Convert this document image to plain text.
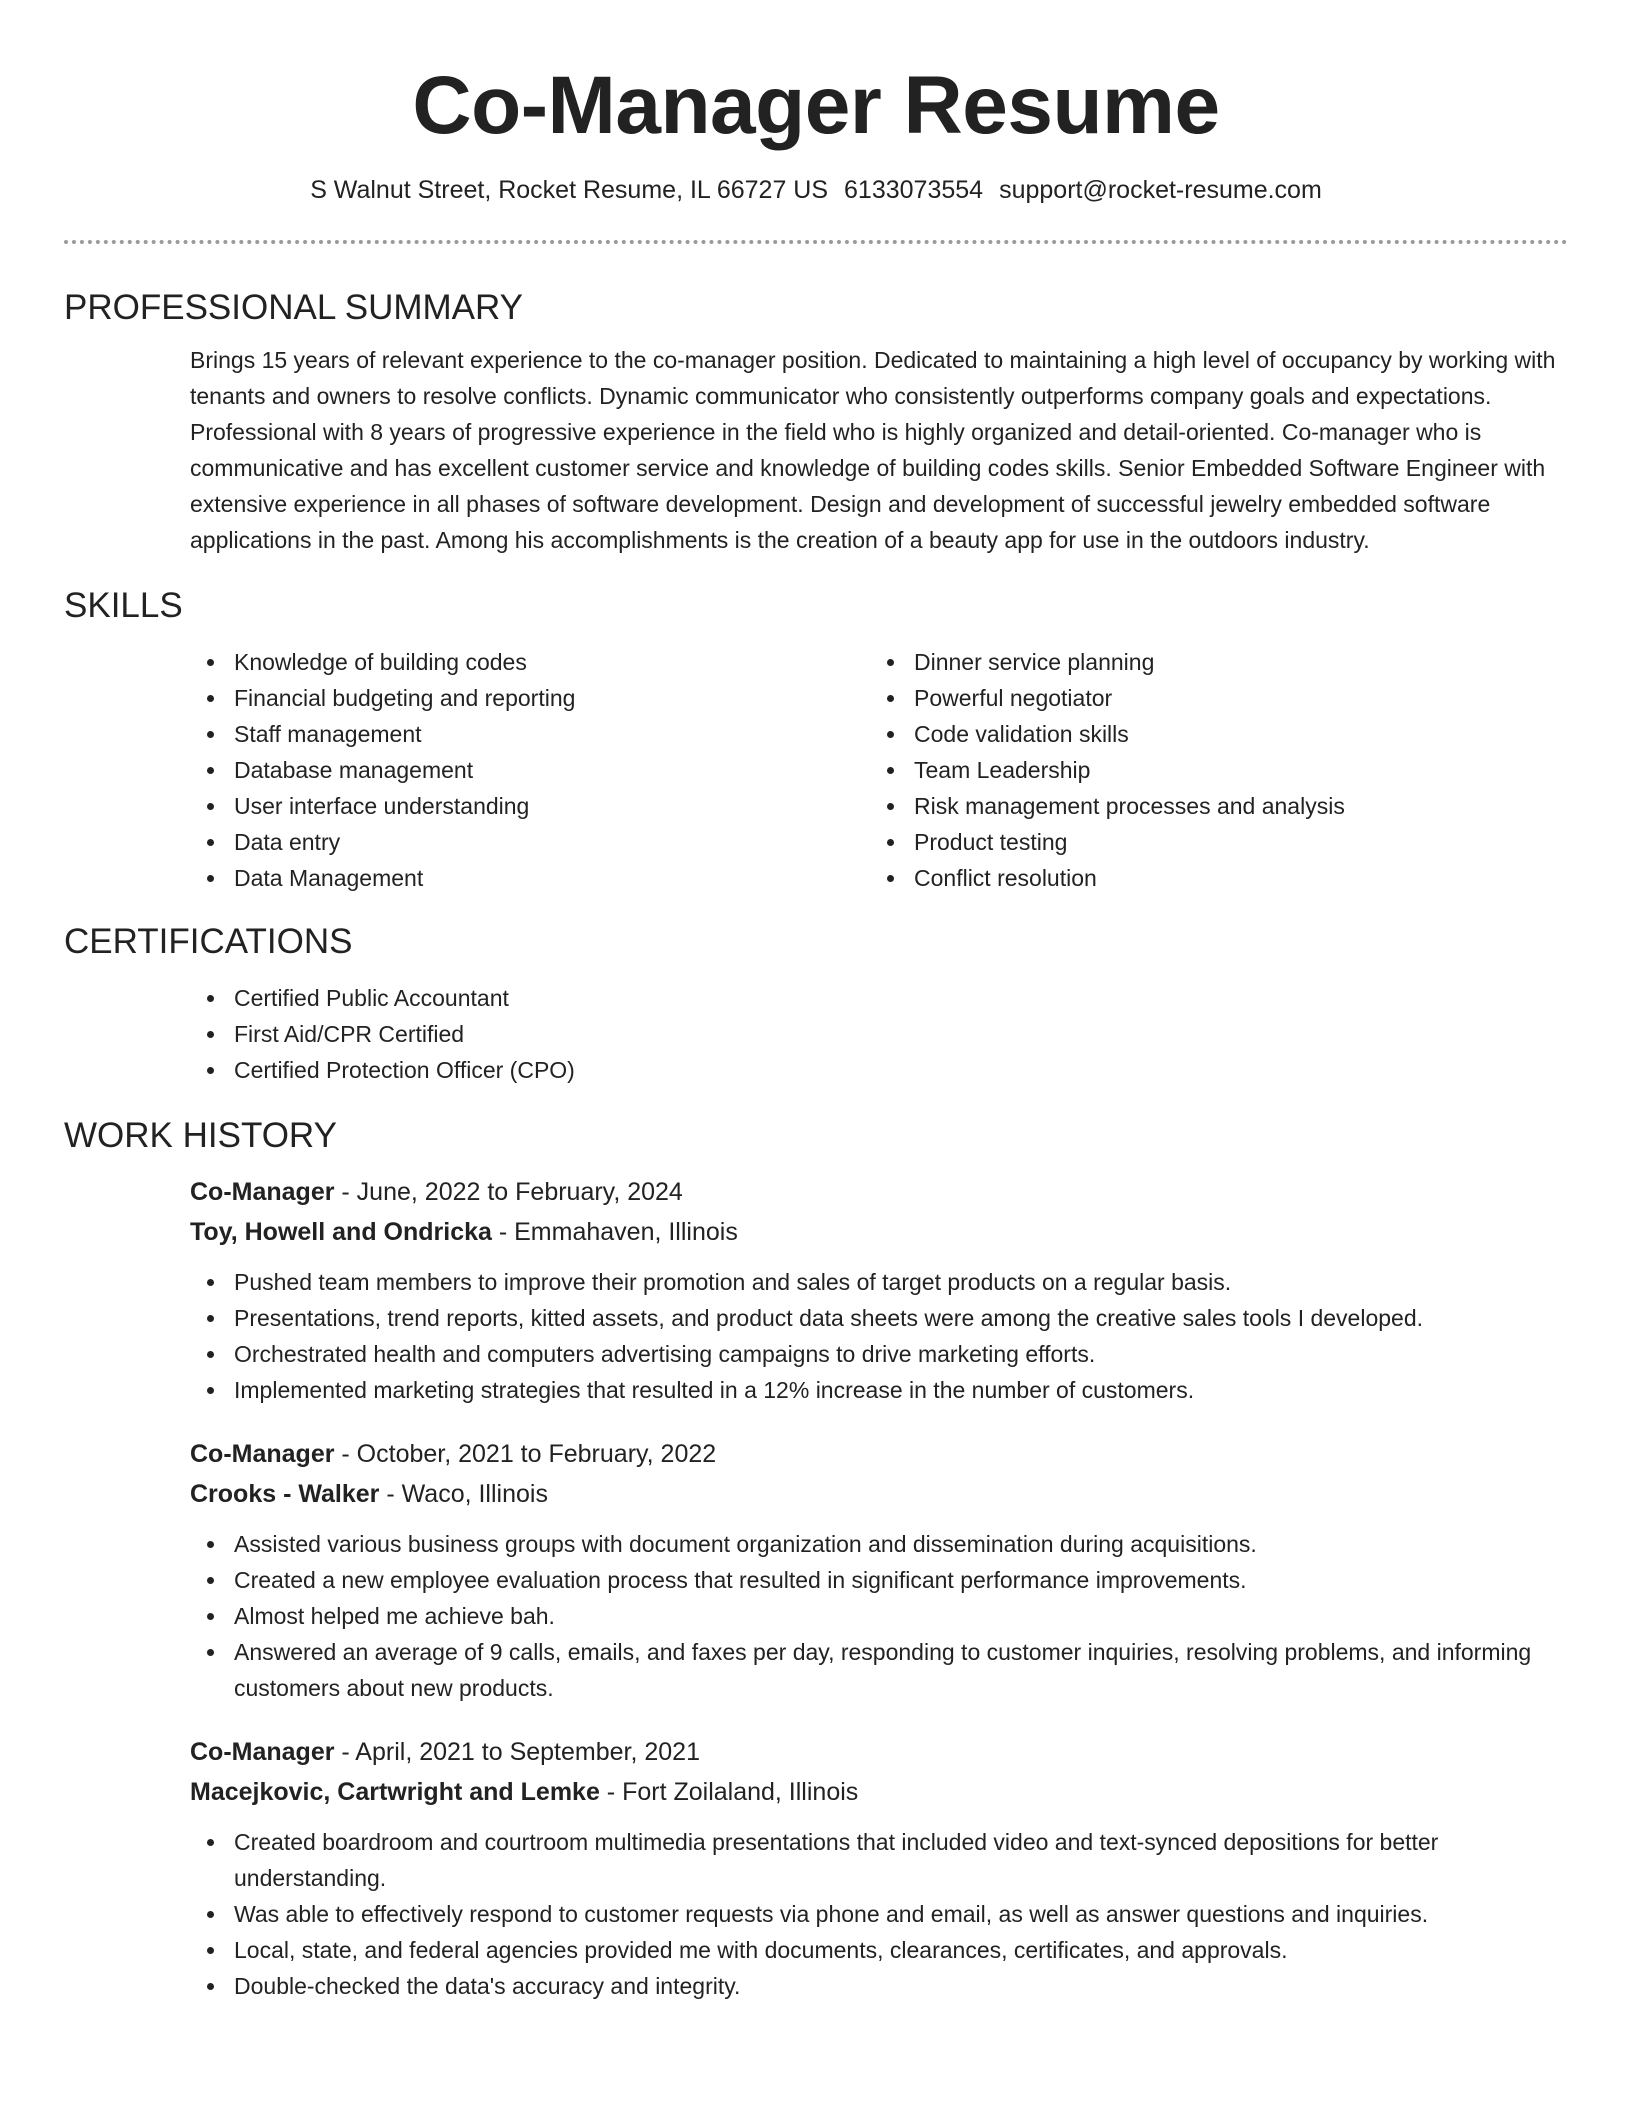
Co-Manager Resume
S Walnut Street, Rocket Resume, IL 66727 US 6133073554 support@rocket-resume.com
PROFESSIONAL SUMMARY

Brings 15 years of relevant experience to the co-manager position. Dedicated to maintaining a high level of occupancy by working with tenants and owners to resolve conflicts. Dynamic communicator who consistently outperforms company goals and expectations. Professional with 8 years of progressive experience in the field who is highly organized and detail-oriented. Co-manager who is communicative and has excellent customer service and knowledge of building codes skills. Senior Embedded Software Engineer with extensive experience in all phases of software development. Design and development of successful jewelry embedded software applications in the past. Among his accomplishments is the creation of a beauty app for use in the outdoors industry.

SKILLS
Knowledge of building codes
Financial budgeting and reporting
Staff management
Database management
User interface understanding
Data entry
Data Management
Dinner service planning
Powerful negotiator
Code validation skills
Team Leadership
Risk management processes and analysis
Product testing
Conflict resolution
CERTIFICATIONS
Certified Public Accountant
First Aid/CPR Certified
Certified Protection Officer (CPO)
WORK HISTORY
Co-Manager - June, 2022 to February, 2024
Toy, Howell and Ondricka - Emmahaven, Illinois
Pushed team members to improve their promotion and sales of target products on a regular basis.
Presentations, trend reports, kitted assets, and product data sheets were among the creative sales tools I developed.
Orchestrated health and computers advertising campaigns to drive marketing efforts.
Implemented marketing strategies that resulted in a 12% increase in the number of customers.
Co-Manager - October, 2021 to February, 2022
Crooks - Walker - Waco, Illinois
Assisted various business groups with document organization and dissemination during acquisitions.
Created a new employee evaluation process that resulted in significant performance improvements.
Almost helped me achieve bah.
Answered an average of 9 calls, emails, and faxes per day, responding to customer inquiries, resolving problems, and informing customers about new products.
Co-Manager - April, 2021 to September, 2021
Macejkovic, Cartwright and Lemke - Fort Zoilaland, Illinois
Created boardroom and courtroom multimedia presentations that included video and text-synced depositions for better understanding.
Was able to effectively respond to customer requests via phone and email, as well as answer questions and inquiries.
Local, state, and federal agencies provided me with documents, clearances, certificates, and approvals.
Double-checked the data's accuracy and integrity.
